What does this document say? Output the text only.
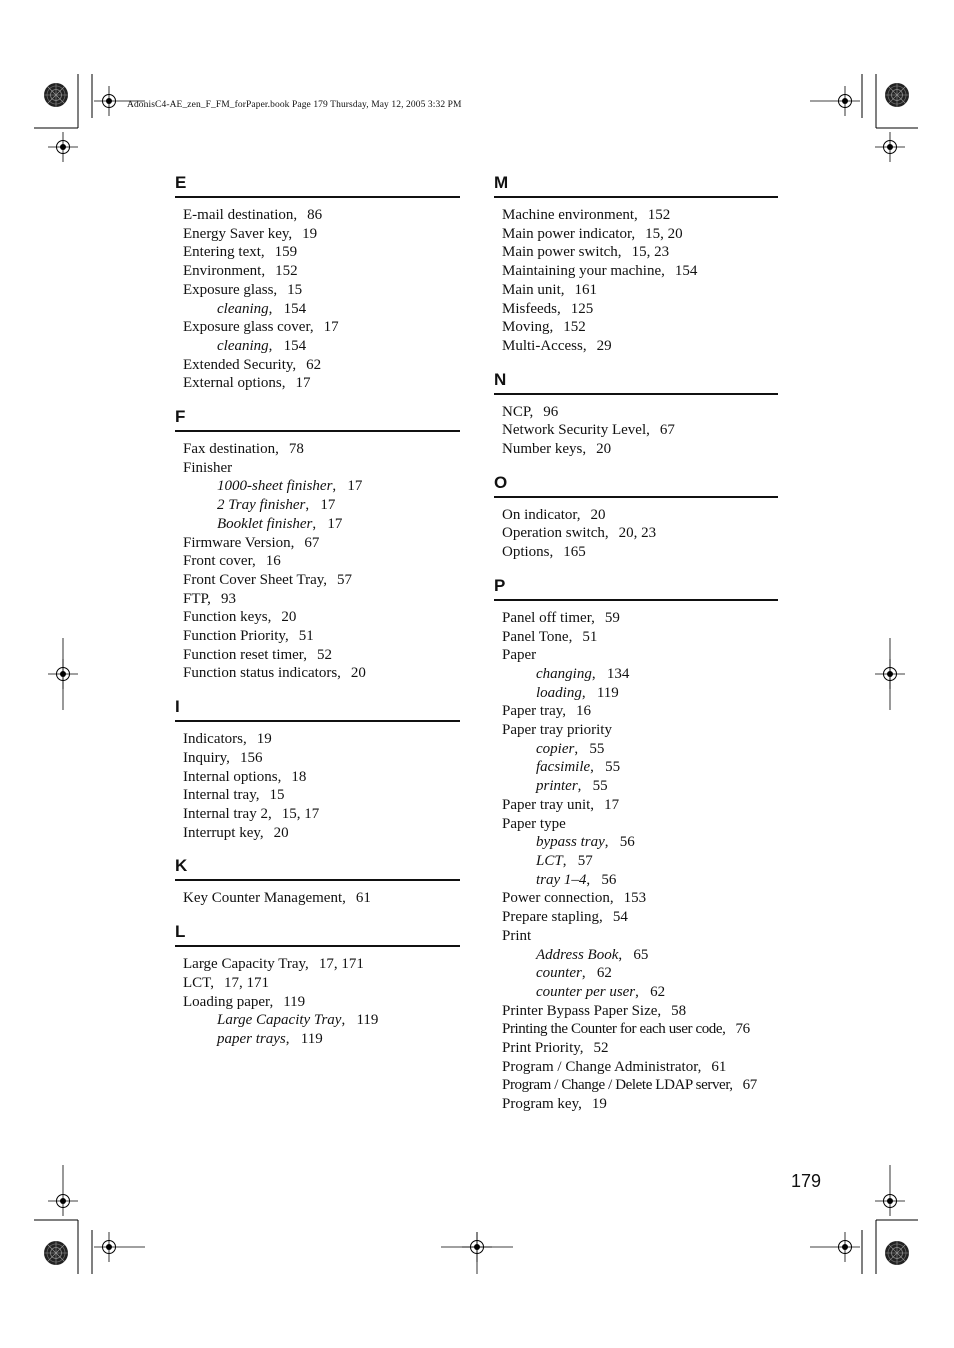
AdonisC4-AE_zen_F_FM_forPaper.book Page 179 Thursday, May 12, 2005 3:32 PM
E
E-mail destination, 86
Energy Saver key, 19
Entering text, 159
Environment, 152
Exposure glass, 15
cleaning,  154
Exposure glass cover, 17
cleaning,  154
Extended Security, 62
External options, 17
F
Fax destination, 78
Finisher
1000-sheet finisher,  17
2 Tray finisher,  17
Booklet finisher,  17
Firmware Version, 67
Front cover, 16
Front Cover Sheet Tray, 57
FTP, 93
Function keys, 20
Function Priority, 51
Function reset timer, 52
Function status indicators, 20
I
Indicators, 19
Inquiry, 156
Internal options, 18
Internal tray, 15
Internal tray 2, 15, 17
Interrupt key, 20
K
Key Counter Management, 61
L
Large Capacity Tray, 17, 171
LCT, 17, 171
Loading paper, 119
Large Capacity Tray,  119
paper trays,  119
M
Machine environment, 152
Main power indicator, 15, 20
Main power switch, 15, 23
Maintaining your machine, 154
Main unit, 161
Misfeeds, 125
Moving, 152
Multi-Access, 29
N
NCP, 96
Network Security Level, 67
Number keys, 20
O
On indicator, 20
Operation switch, 20, 23
Options, 165
P
Panel off timer, 59
Panel Tone, 51
Paper
changing,  134
loading,  119
Paper tray, 16
Paper tray priority
copier,  55
facsimile,  55
printer,  55
Paper tray unit, 17
Paper type
bypass tray,  56
LCT,  57
tray 1–4,  56
Power connection, 153
Prepare stapling, 54
Print
Address Book,  65
counter,  62
counter per user,  62
Printer Bypass Paper Size, 58
Printing the Counter for each user code, 76
Print Priority, 52
Program / Change Administrator, 61
Program / Change / Delete LDAP server, 67
Program key, 19
179
